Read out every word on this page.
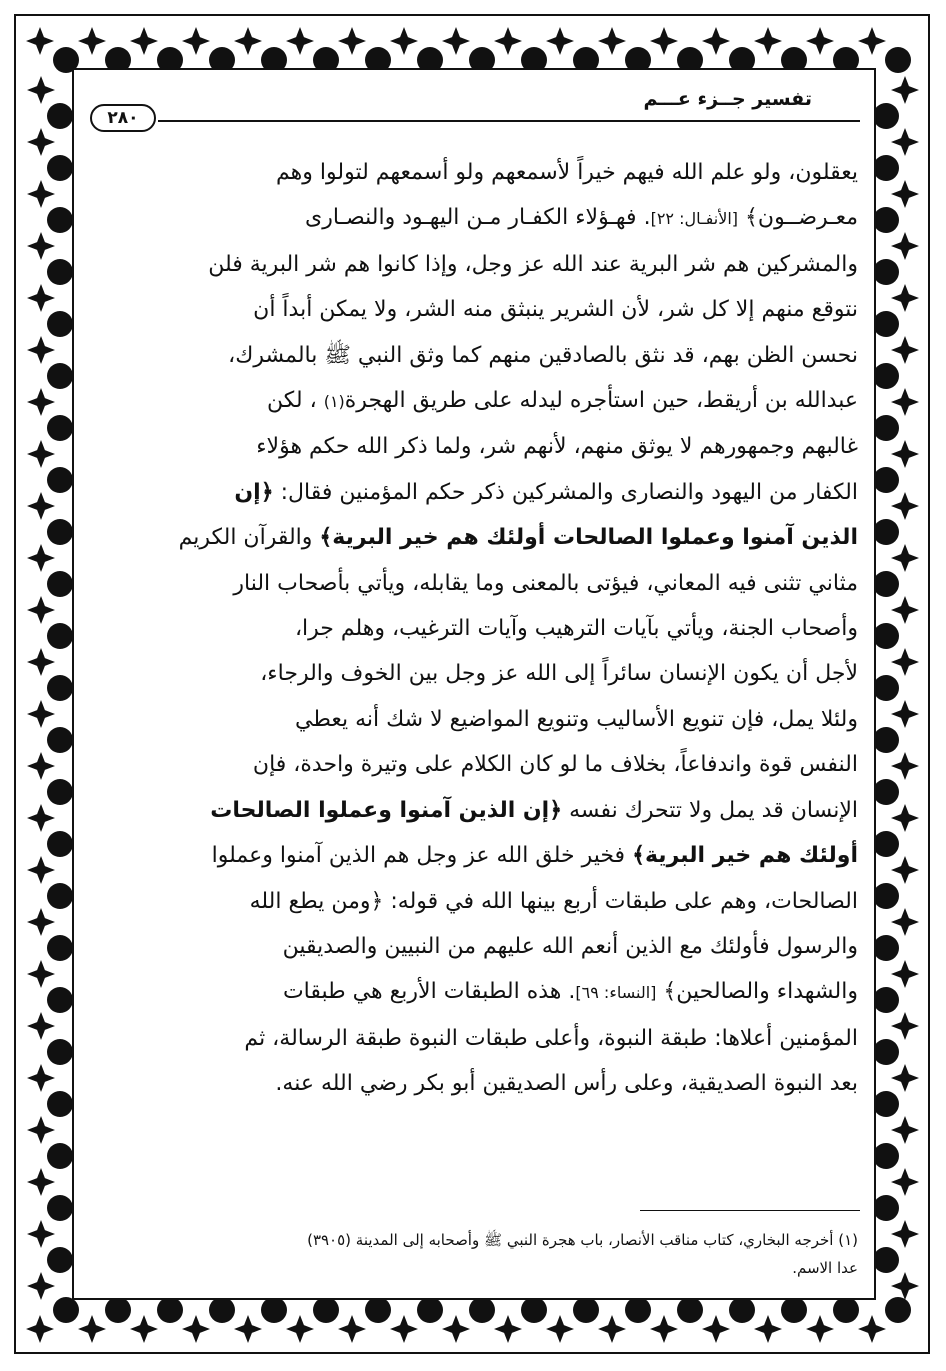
تفسير جــزء عـــم
٢٨٠
يعقلون، ولو علم الله فيهم خيراً لأسمعهم ولو أسمعهم لتولوا وهم
معـرضــون﴾ [الأنفـال: ٢٢]. فهـؤلاء الكفـار مـن اليهـود والنصـارى
والمشركين هم شر البرية عند الله عز وجل، وإذا كانوا هم شر البرية فلن
نتوقع منهم إلا كل شر، لأن الشرير ينبثق منه الشر، ولا يمكن أبداً أن
نحسن الظن بهم، قد نثق بالصادقين منهم كما وثق النبي ﷺ بالمشرك،
عبدالله بن أريقط، حين استأجره ليدله على طريق الهجرة(١) ، لكن
غالبهم وجمهورهم لا يوثق منهم، لأنهم شر، ولما ذكر الله حكم هؤلاء
الكفار من اليهود والنصارى والمشركين ذكر حكم المؤمنين فقال: ﴿إن
الذين آمنوا وعملوا الصالحات أولئك هم خير البرية﴾ والقرآن الكريم
مثاني تثنى فيه المعاني، فيؤتى بالمعنى وما يقابله، ويأتي بأصحاب النار
وأصحاب الجنة، ويأتي بآيات الترهيب وآيات الترغيب، وهلم جرا،
لأجل أن يكون الإنسان سائراً إلى الله عز وجل بين الخوف والرجاء،
ولئلا يمل، فإن تنويع الأساليب وتنويع المواضيع لا شك أنه يعطي
النفس قوة واندفاعاً، بخلاف ما لو كان الكلام على وتيرة واحدة، فإن
الإنسان قد يمل ولا تتحرك نفسه ﴿إن الذين آمنوا وعملوا الصالحات
أولئك هم خير البرية﴾ فخير خلق الله عز وجل هم الذين آمنوا وعملوا
الصالحات، وهم على طبقات أربع بينها الله في قوله: ﴿ومن يطع الله
والرسول فأولئك مع الذين أنعم الله عليهم من النبيين والصديقين
والشهداء والصالحين﴾ [النساء: ٦٩]. هذه الطبقات الأربع هي طبقات
المؤمنين أعلاها: طبقة النبوة، وأعلى طبقات النبوة طبقة الرسالة، ثم
بعد النبوة الصديقية، وعلى رأس الصديقين أبو بكر رضي الله عنه.
(١) أخرجه البخاري، كتاب مناقب الأنصار، باب هجرة النبي ﷺ وأصحابه إلى المدينة (٣٩٠٥)
عدا الاسم.
